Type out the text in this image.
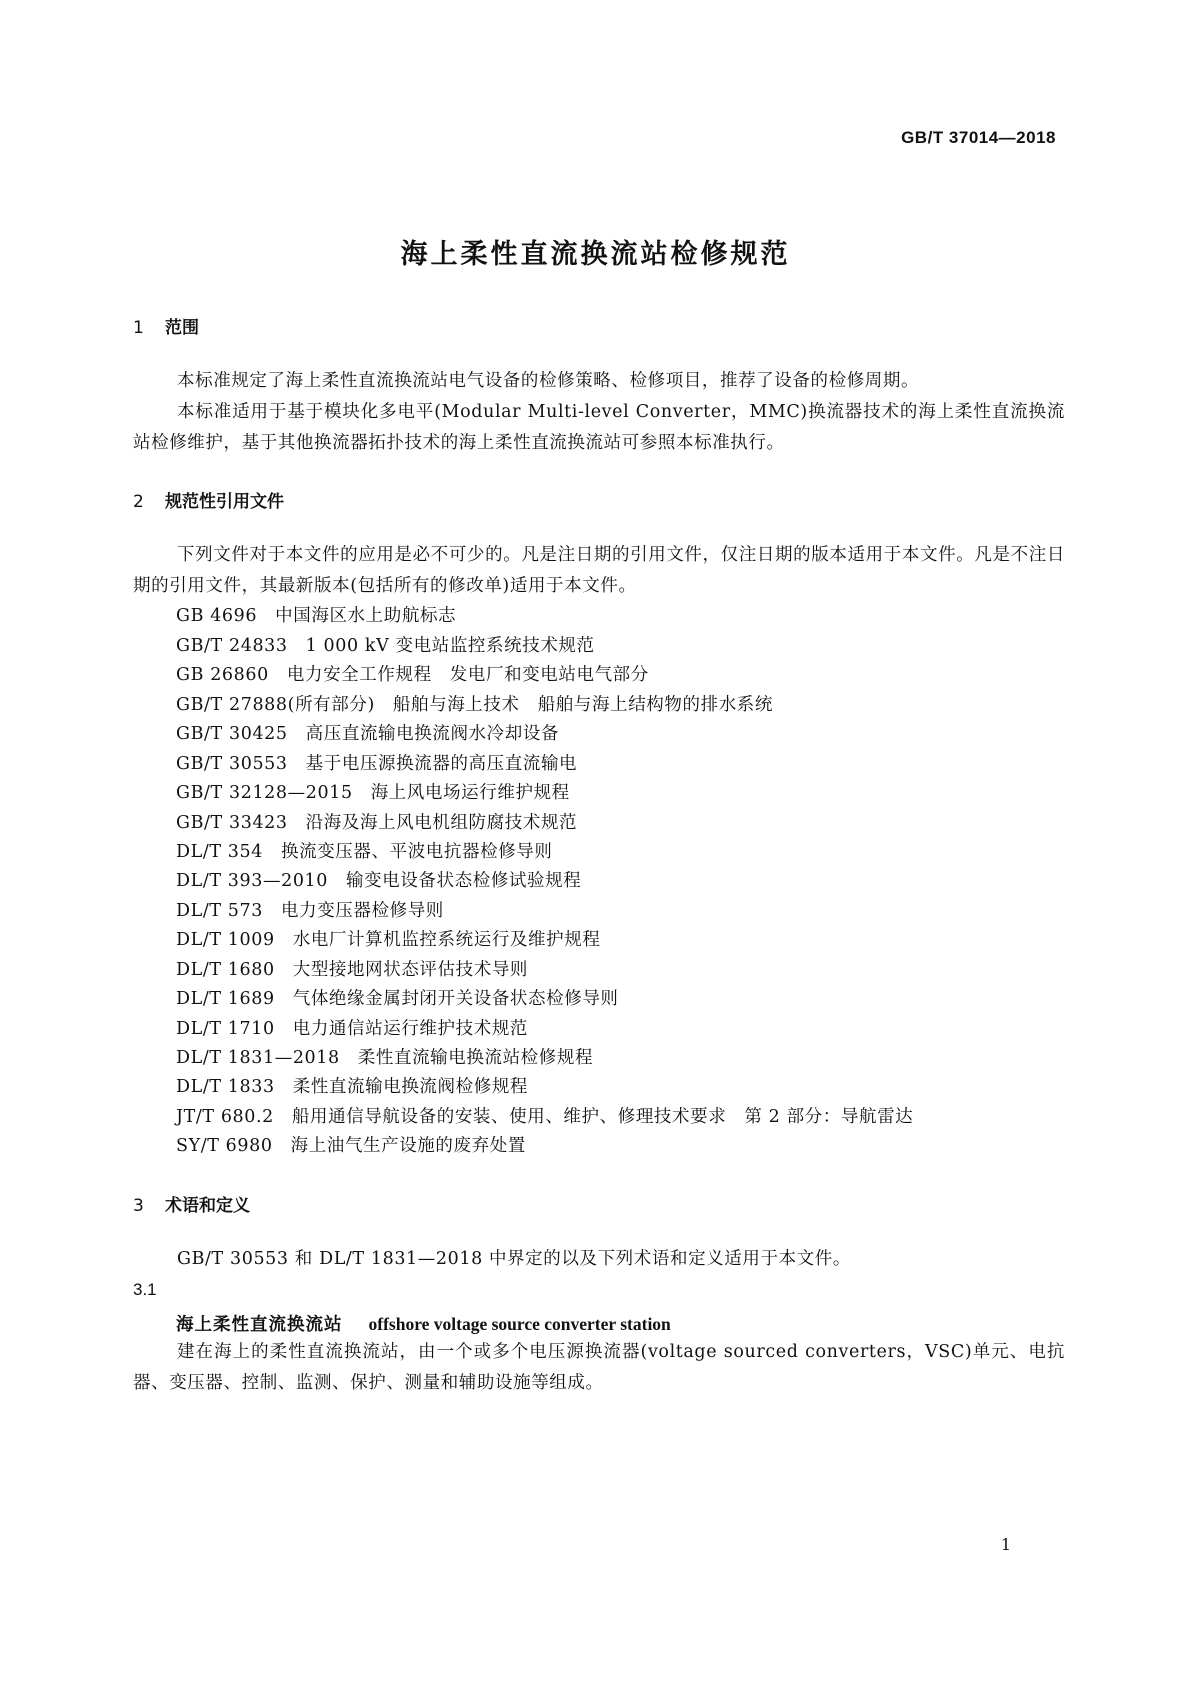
GB/T 37014—2018
海上柔性直流换流站检修规范
1 范围
本标准规定了海上柔性直流换流站电气设备的检修策略、检修项目，推荐了设备的检修周期。
本标准适用于基于模块化多电平(Modular Multi-level Converter，MMC)换流器技术的海上柔性直流换流站检修维护，基于其他换流器拓扑技术的海上柔性直流换流站可参照本标准执行。
2 规范性引用文件
下列文件对于本文件的应用是必不可少的。凡是注日期的引用文件，仅注日期的版本适用于本文件。凡是不注日期的引用文件，其最新版本(包括所有的修改单)适用于本文件。
GB 4696 中国海区水上助航标志
GB/T 24833 1 000 kV 变电站监控系统技术规范
GB 26860 电力安全工作规程　发电厂和变电站电气部分
GB/T 27888(所有部分) 船舶与海上技术　船舶与海上结构物的排水系统
GB/T 30425 高压直流输电换流阀水冷却设备
GB/T 30553 基于电压源换流器的高压直流输电
GB/T 32128—2015 海上风电场运行维护规程
GB/T 33423 沿海及海上风电机组防腐技术规范
DL/T 354 换流变压器、平波电抗器检修导则
DL/T 393—2010 输变电设备状态检修试验规程
DL/T 573 电力变压器检修导则
DL/T 1009 水电厂计算机监控系统运行及维护规程
DL/T 1680 大型接地网状态评估技术导则
DL/T 1689 气体绝缘金属封闭开关设备状态检修导则
DL/T 1710 电力通信站运行维护技术规范
DL/T 1831—2018 柔性直流输电换流站检修规程
DL/T 1833 柔性直流输电换流阀检修规程
JT/T 680.2 船用通信导航设备的安装、使用、维护、修理技术要求　第 2 部分：导航雷达
SY/T 6980 海上油气生产设施的废弃处置
3 术语和定义
GB/T 30553 和 DL/T 1831—2018 中界定的以及下列术语和定义适用于本文件。
3.1
海上柔性直流换流站 offshore voltage source converter station
建在海上的柔性直流换流站，由一个或多个电压源换流器(voltage sourced converters，VSC)单元、电抗器、变压器、控制、监测、保护、测量和辅助设施等组成。
1
